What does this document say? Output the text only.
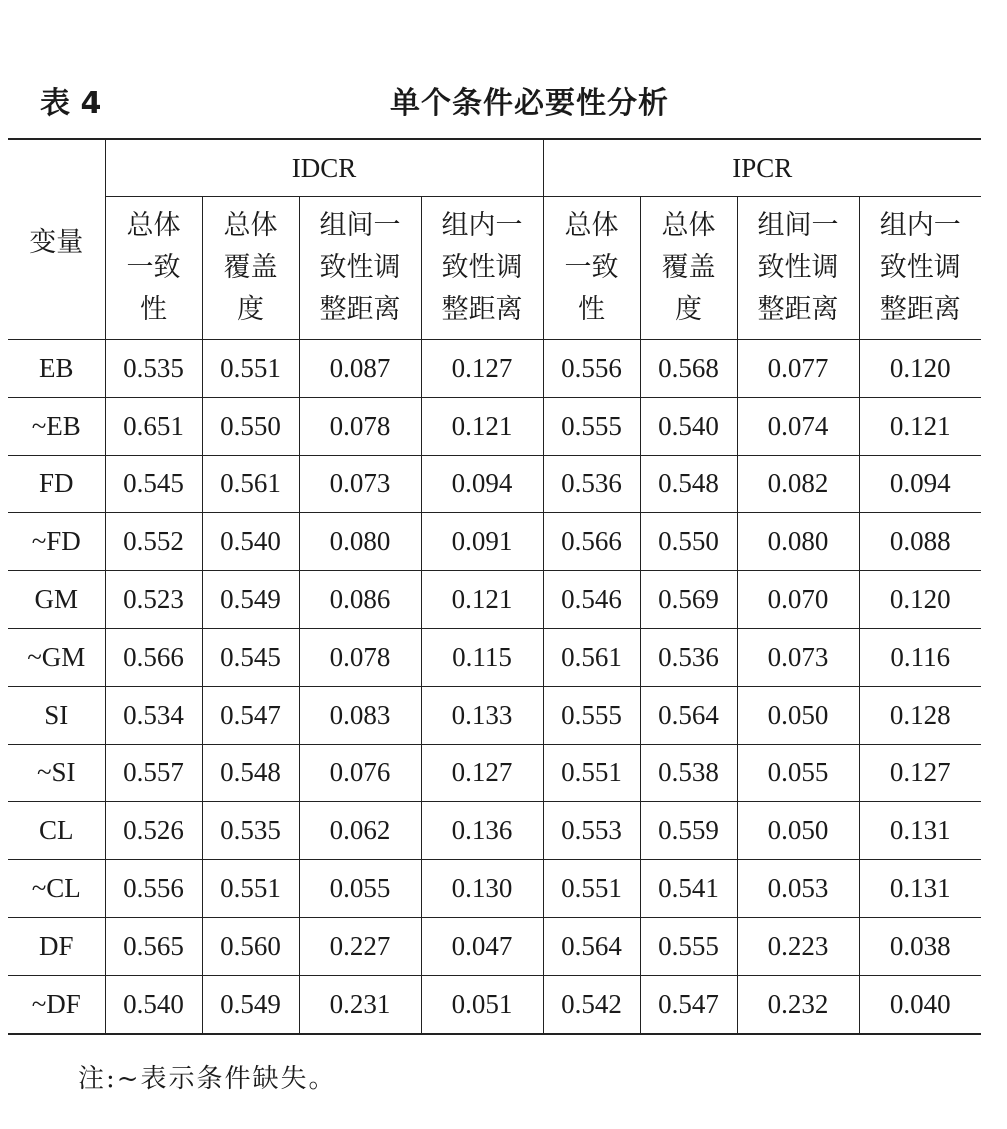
表 4	单个条件必要性分析
变量	IDCR				IPCR			

	总体
一致
性	总体
覆盖
度	组间一
致性调
整距离	组内一
致性调
整距离	总体
一致
性	总体
覆盖
度	组间一
致性调
整距离	组内一
致性调
整距离

EB	0.535	0.551	0.087	0.127	0.556	0.568	0.077	0.120
~EB	0.651	0.550	0.078	0.121	0.555	0.540	0.074	0.121
FD	0.545	0.561	0.073	0.094	0.536	0.548	0.082	0.094
~FD	0.552	0.540	0.080	0.091	0.566	0.550	0.080	0.088
GM	0.523	0.549	0.086	0.121	0.546	0.569	0.070	0.120
~GM	0.566	0.545	0.078	0.115	0.561	0.536	0.073	0.116
SI	0.534	0.547	0.083	0.133	0.555	0.564	0.050	0.128
~SI	0.557	0.548	0.076	0.127	0.551	0.538	0.055	0.127
CL	0.526	0.535	0.062	0.136	0.553	0.559	0.050	0.131
~CL	0.556	0.551	0.055	0.130	0.551	0.541	0.053	0.131
DF	0.565	0.560	0.227	0.047	0.564	0.555	0.223	0.038
~DF	0.540	0.549	0.231	0.051	0.542	0.547	0.232	0.040
注:~表示条件缺失。
